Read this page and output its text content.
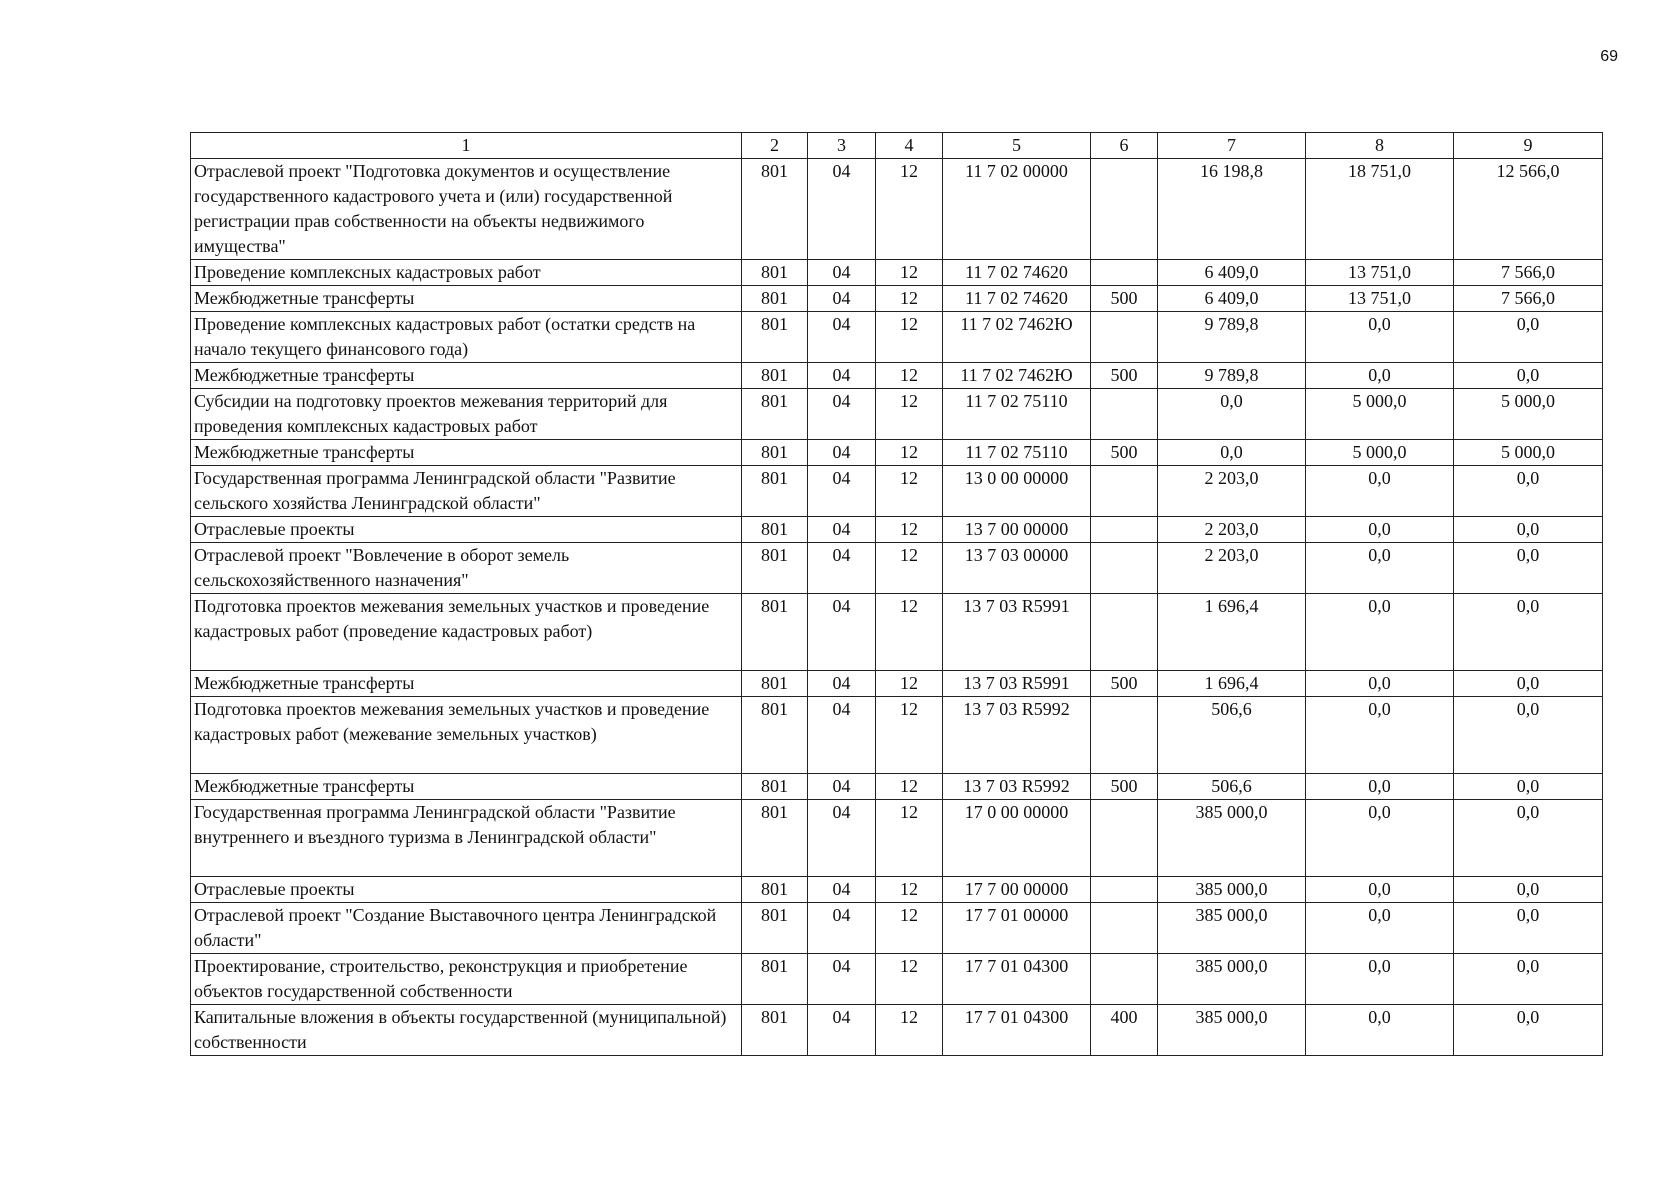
69
1	2	3	4	5	6	7	8	9
Отраслевой проект "Подготовка документов и осуществление государственного кадастрового учета и (или) государственной регистрации прав собственности на объекты недвижимого имущества"	801	04	12	11 7 02 00000		16 198,8	18 751,0	12 566,0
Проведение комплексных кадастровых работ	801	04	12	11 7 02 74620		6 409,0	13 751,0	7 566,0
Межбюджетные трансферты	801	04	12	11 7 02 74620	500	6 409,0	13 751,0	7 566,0
Проведение комплексных кадастровых работ (остатки средств на начало текущего финансового года)	801	04	12	11 7 02 7462Ю		9 789,8	0,0	0,0
Межбюджетные трансферты	801	04	12	11 7 02 7462Ю	500	9 789,8	0,0	0,0
Субсидии на подготовку проектов межевания территорий для проведения комплексных кадастровых работ	801	04	12	11 7 02 75110		0,0	5 000,0	5 000,0
Межбюджетные трансферты	801	04	12	11 7 02 75110	500	0,0	5 000,0	5 000,0
Государственная программа Ленинградской области "Развитие сельского хозяйства Ленинградской области"	801	04	12	13 0 00 00000		2 203,0	0,0	0,0
Отраслевые проекты	801	04	12	13 7 00 00000		2 203,0	0,0	0,0
Отраслевой проект "Вовлечение в оборот земель сельскохозяйственного назначения"	801	04	12	13 7 03 00000		2 203,0	0,0	0,0
Подготовка проектов межевания земельных участков и проведение кадастровых работ (проведение кадастровых работ)	801	04	12	13 7 03 R5991		1 696,4	0,0	0,0
Межбюджетные трансферты	801	04	12	13 7 03 R5991	500	1 696,4	0,0	0,0
Подготовка проектов межевания земельных участков и проведение кадастровых работ (межевание земельных участков)	801	04	12	13 7 03 R5992		506,6	0,0	0,0
Межбюджетные трансферты	801	04	12	13 7 03 R5992	500	506,6	0,0	0,0
Государственная программа Ленинградской области "Развитие внутреннего и въездного туризма в Ленинградской области"	801	04	12	17 0 00 00000		385 000,0	0,0	0,0
Отраслевые проекты	801	04	12	17 7 00 00000		385 000,0	0,0	0,0
Отраслевой проект "Создание Выставочного центра Ленинградской области"	801	04	12	17 7 01 00000		385 000,0	0,0	0,0
Проектирование, строительство, реконструкция и приобретение объектов государственной собственности	801	04	12	17 7 01 04300		385 000,0	0,0	0,0
Капитальные вложения в объекты государственной (муниципальной) собственности	801	04	12	17 7 01 04300	400	385 000,0	0,0	0,0
